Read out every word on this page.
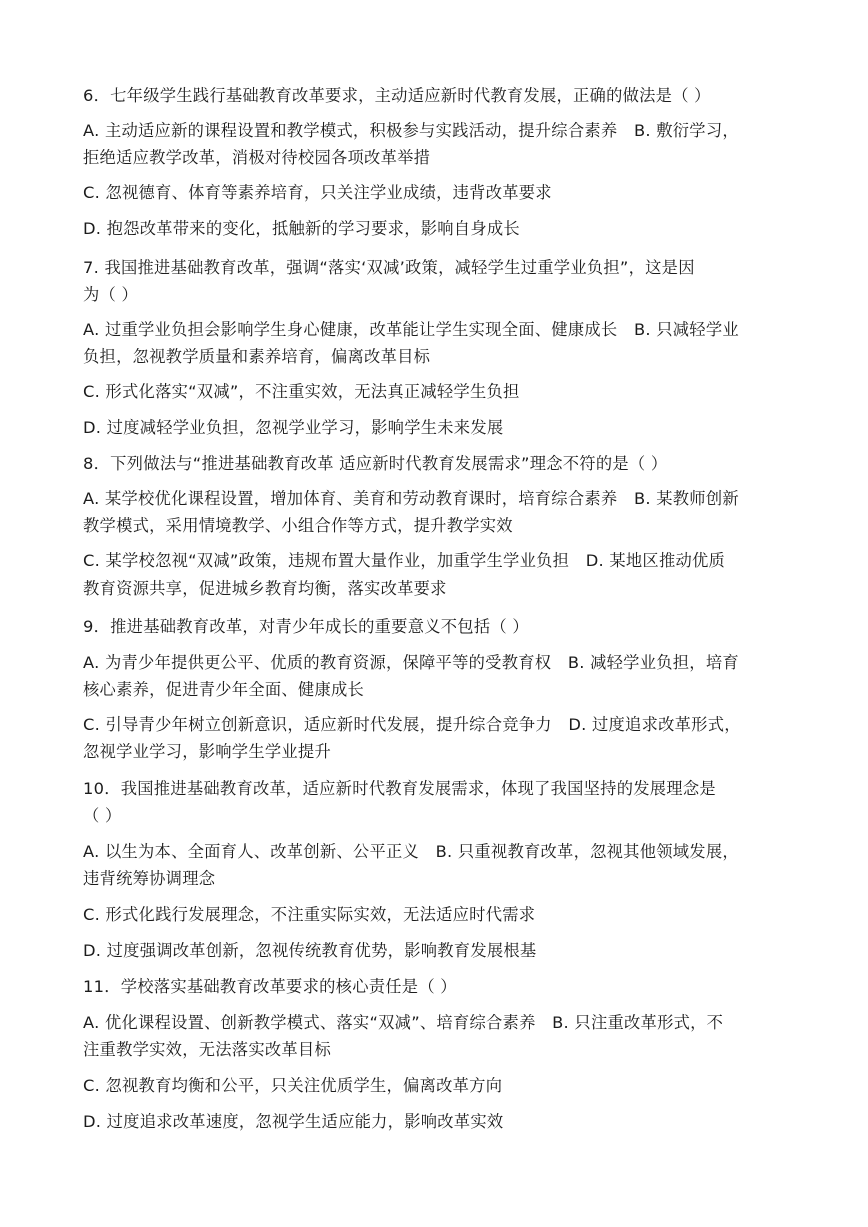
6．七年级学生践行基础教育改革要求，主动适应新时代教育发展，正确的做法是（ ）
A. 主动适应新的课程设置和教学模式，积极参与实践活动，提升综合素养　B. 敷衍学习，
拒绝适应教学改革，消极对待校园各项改革举措
C. 忽视德育、体育等素养培育，只关注学业成绩，违背改革要求
D. 抱怨改革带来的变化，抵触新的学习要求，影响自身成长
7. 我国推进基础教育改革，强调“落实‘双减’政策，减轻学生过重学业负担”，这是因
为（ ）
A. 过重学业负担会影响学生身心健康，改革能让学生实现全面、健康成长　B. 只减轻学业
负担，忽视教学质量和素养培育，偏离改革目标
C. 形式化落实“双减”，不注重实效，无法真正减轻学生负担
D. 过度减轻学业负担，忽视学业学习，影响学生未来发展
8．下列做法与“推进基础教育改革 适应新时代教育发展需求”理念不符的是（ ）
A. 某学校优化课程设置，增加体育、美育和劳动教育课时，培育综合素养　B. 某教师创新
教学模式，采用情境教学、小组合作等方式，提升教学实效
C. 某学校忽视“双减”政策，违规布置大量作业，加重学生学业负担　D. 某地区推动优质
教育资源共享，促进城乡教育均衡，落实改革要求
9．推进基础教育改革，对青少年成长的重要意义不包括（ ）
A. 为青少年提供更公平、优质的教育资源，保障平等的受教育权　B. 减轻学业负担，培育
核心素养，促进青少年全面、健康成长
C. 引导青少年树立创新意识，适应新时代发展，提升综合竞争力　D. 过度追求改革形式，
忽视学业学习，影响学生学业提升
10．我国推进基础教育改革，适应新时代教育发展需求，体现了我国坚持的发展理念是
（ ）
A. 以生为本、全面育人、改革创新、公平正义　B. 只重视教育改革，忽视其他领域发展，
违背统筹协调理念
C. 形式化践行发展理念，不注重实际实效，无法适应时代需求
D. 过度强调改革创新，忽视传统教育优势，影响教育发展根基
11．学校落实基础教育改革要求的核心责任是（ ）
A. 优化课程设置、创新教学模式、落实“双减”、培育综合素养　B. 只注重改革形式，不
注重教学实效，无法落实改革目标
C. 忽视教育均衡和公平，只关注优质学生，偏离改革方向
D. 过度追求改革速度，忽视学生适应能力，影响改革实效
